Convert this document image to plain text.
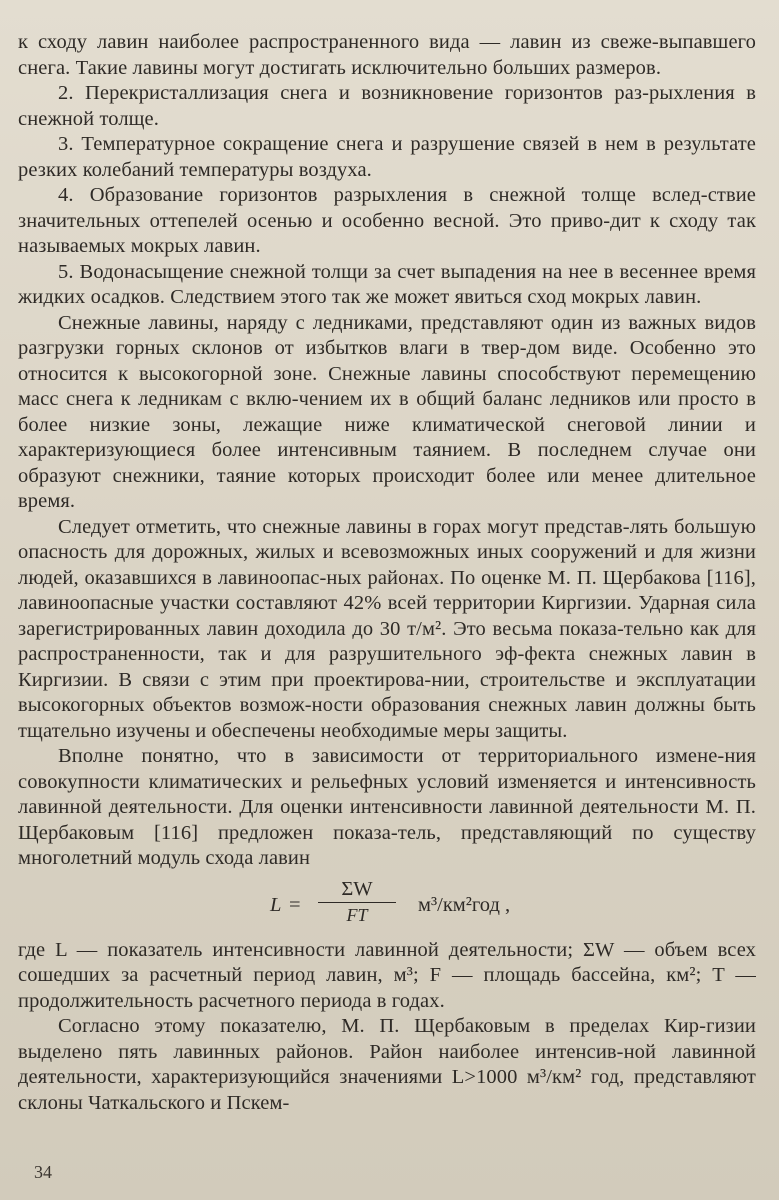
к сходу лавин наиболее распространенного вида — лавин из свеже-выпавшего снега. Такие лавины могут достигать исключительно больших размеров.

2. Перекристаллизация снега и возникновение горизонтов раз-рыхления в снежной толще.

3. Температурное сокращение снега и разрушение связей в нем в результате резких колебаний температуры воздуха.

4. Образование горизонтов разрыхления в снежной толще вслед-ствие значительных оттепелей осенью и особенно весной. Это приво-дит к сходу так называемых мокрых лавин.

5. Водонасыщение снежной толщи за счет выпадения на нее в весеннее время жидких осадков. Следствием этого так же может явиться сход мокрых лавин.

Снежные лавины, наряду с ледниками, представляют один из важных видов разгрузки горных склонов от избытков влаги в твер-дом виде. Особенно это относится к высокогорной зоне. Снежные лавины способствуют перемещению масс снега к ледникам с вклю-чением их в общий баланс ледников или просто в более низкие зоны, лежащие ниже климатической снеговой линии и характеризующиеся более интенсивным таянием. В последнем случае они образуют снежники, таяние которых происходит более или менее длительное время.

Следует отметить, что снежные лавины в горах могут представ-лять большую опасность для дорожных, жилых и всевозможных иных сооружений и для жизни людей, оказавшихся в лавиноопас-ных районах. По оценке М. П. Щербакова [116], лавиноопасные участки составляют 42% всей территории Киргизии. Ударная сила зарегистрированных лавин доходила до 30 т/м². Это весьма показа-тельно как для распространенности, так и для разрушительного эф-фекта снежных лавин в Киргизии. В связи с этим при проектирова-нии, строительстве и эксплуатации высокогорных объектов возмож-ности образования снежных лавин должны быть тщательно изучены и обеспечены необходимые меры защиты.

Вполне понятно, что в зависимости от территориального измене-ния совокупности климатических и рельефных условий изменяется и интенсивность лавинной деятельности. Для оценки интенсивности лавинной деятельности М. П. Щербаковым [116] предложен показа-тель, представляющий по существу многолетний модуль схода лавин

$L = \frac{\Sigma W}{FT} м^3/км^2год$ ,

где L — показатель интенсивности лавинной деятельности; ΣW — объем всех сошедших за расчетный период лавин, м³; F — площадь бассейна, км²; T — продолжительность расчетного периода в годах.

Согласно этому показателю, М. П. Щербаковым в пределах Кир-гизии выделено пять лавинных районов. Район наиболее интенсив-ной лавинной деятельности, характеризующийся значениями L>1000 м³/км² год, представляют склоны Чаткальского и Пскем-

34
